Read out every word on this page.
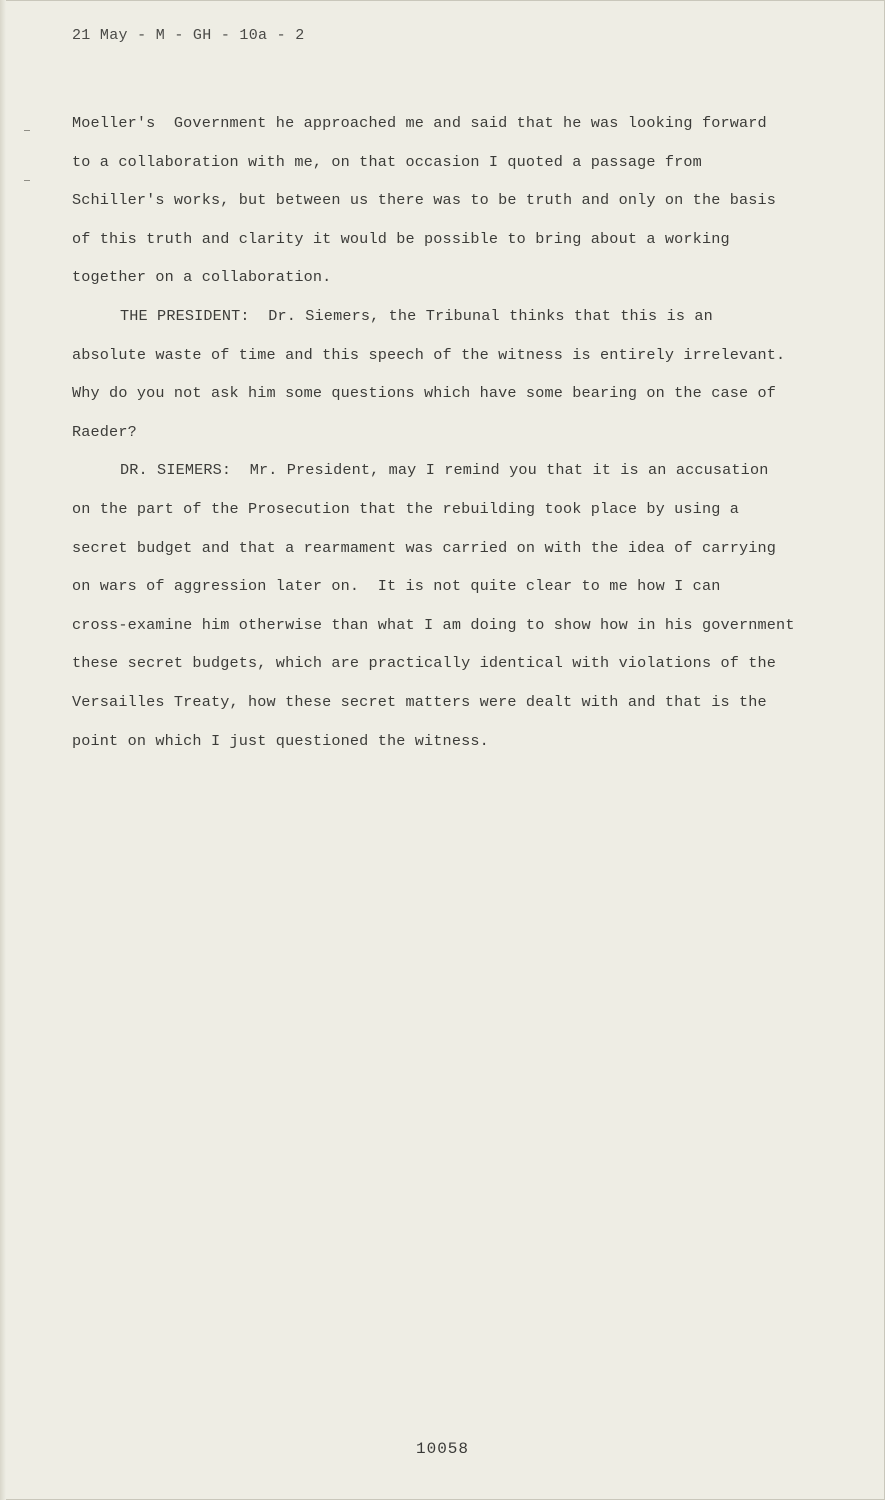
21 May - M - GH - 10a - 2

Moeller's  Government he approached me and said that he was looking forward

to a collaboration with me, on that occasion I quoted a passage from

Schiller's works, but between us there was to be truth and only on the basis

of this truth and clarity it would be possible to bring about a working

together on a collaboration.

THE PRESIDENT:  Dr. Siemers, the Tribunal thinks that this is an

absolute waste of time and this speech of the witness is entirely irrelevant.

Why do you not ask him some questions which have some bearing on the case of

Raeder?

DR. SIEMERS:  Mr. President, may I remind you that it is an accusation

on the part of the Prosecution that the rebuilding took place by using a

secret budget and that a rearmament was carried on with the idea of carrying

on wars of aggression later on.  It is not quite clear to me how I can

cross-examine him otherwise than what I am doing to show how in his government

these secret budgets, which are practically identical with violations of the

Versailles Treaty, how these secret matters were dealt with and that is the

point on which I just questioned the witness.

10058
